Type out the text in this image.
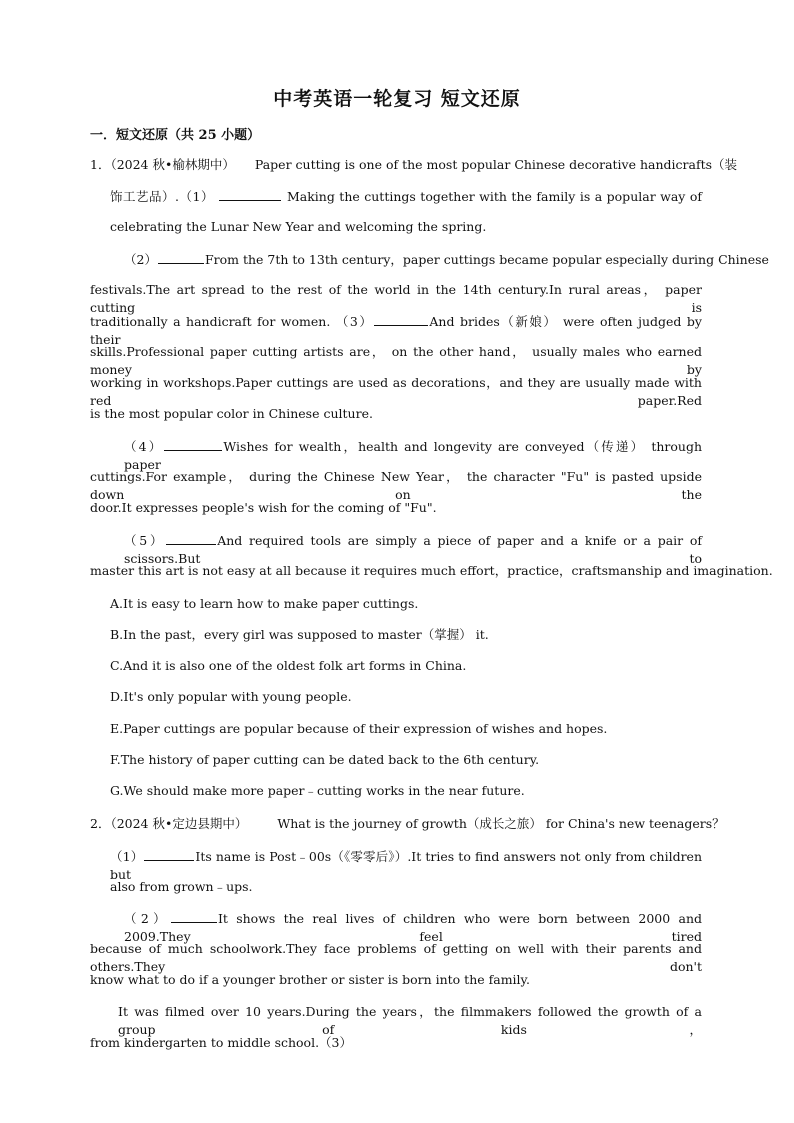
中考英语一轮复习 短文还原
一．短文还原（共 25 小题）
1．（2024 秋•榆林期中） Paper cutting is one of the most popular Chinese decorative handicrafts（装
饰工艺品）.（1）	Making the cuttings together with the family is a popular way of
celebrating the Lunar New Year and welcoming the spring.
（2）	From the 7th to 13th century，paper cuttings became popular especially during Chinese
festivals.The art spread to the rest of the world in the 14th century.In rural areas， paper cutting is
traditionally a handicraft for women. （3）	And brides（新娘） were often judged by their
skills.Professional paper cutting artists are， on the other hand， usually males who earned money by
working in workshops.Paper cuttings are used as decorations，and they are usually made with red paper.Red
is the most popular color in Chinese culture.
（4）	Wishes for wealth，health and longevity are conveyed（传递） through paper
cuttings.For example， during the Chinese New Year， the character "Fu" is pasted upside down on the
door.It expresses people's wish for the coming of "Fu".
（5）	And required tools are simply a piece of paper and a knife or a pair of scissors.But to
master this art is not easy at all because it requires much effort，practice，craftsmanship and imagination.
A.It is easy to learn how to make paper cuttings.
B.In the past，every girl was supposed to master（掌握） it.
C.And it is also one of the oldest folk art forms in China.
D.It's only popular with young people.
E.Paper cuttings are popular because of their expression of wishes and hopes.
F.The history of paper cutting can be dated back to the 6th century.
G.We should make more paper﹣cutting works in the near future.
2．（2024 秋•定边县期中） What is the journey of growth（成长之旅） for China's new teenagers？
（1）	Its name is Post﹣00s（《零零后》）.It tries to find answers not only from children but
also from grown﹣ups.
（2）	It shows the real lives of children who were born between 2000 and 2009.They feel tired
because of much schoolwork.They face problems of getting on well with their parents and others.They don't
know what to do if a younger brother or sister is born into the family.
It was filmed over 10 years.During the years，the filmmakers followed the growth of a group of kids，
from kindergarten to middle school.（3）
